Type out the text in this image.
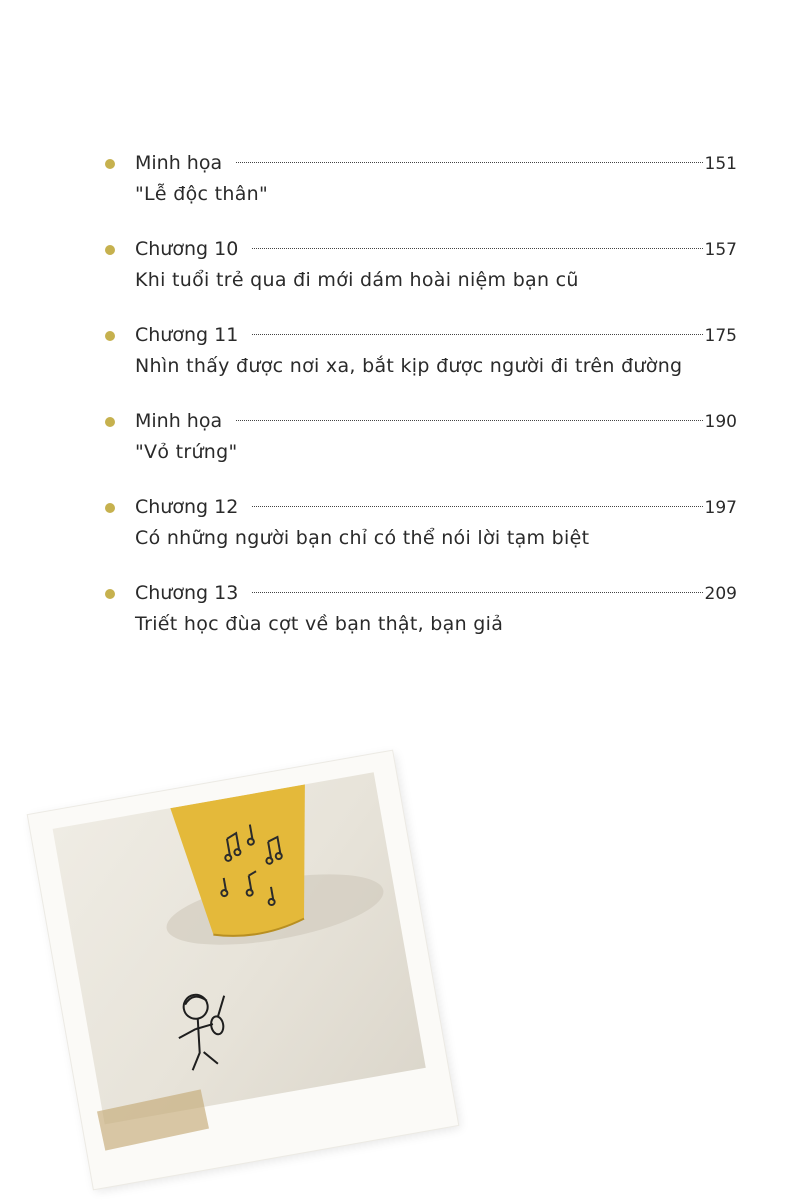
Minh họa	151
"Lễ độc thân"
Chương 10	157
Khi tuổi trẻ qua đi mới dám hoài niệm bạn cũ
Chương 11	175
Nhìn thấy được nơi xa, bắt kịp được người đi trên đường
Minh họa	190
"Vỏ trứng"
Chương 12	197
Có những người bạn chỉ có thể nói lời tạm biệt
Chương 13	209
Triết học đùa cợt về bạn thật, bạn giả
